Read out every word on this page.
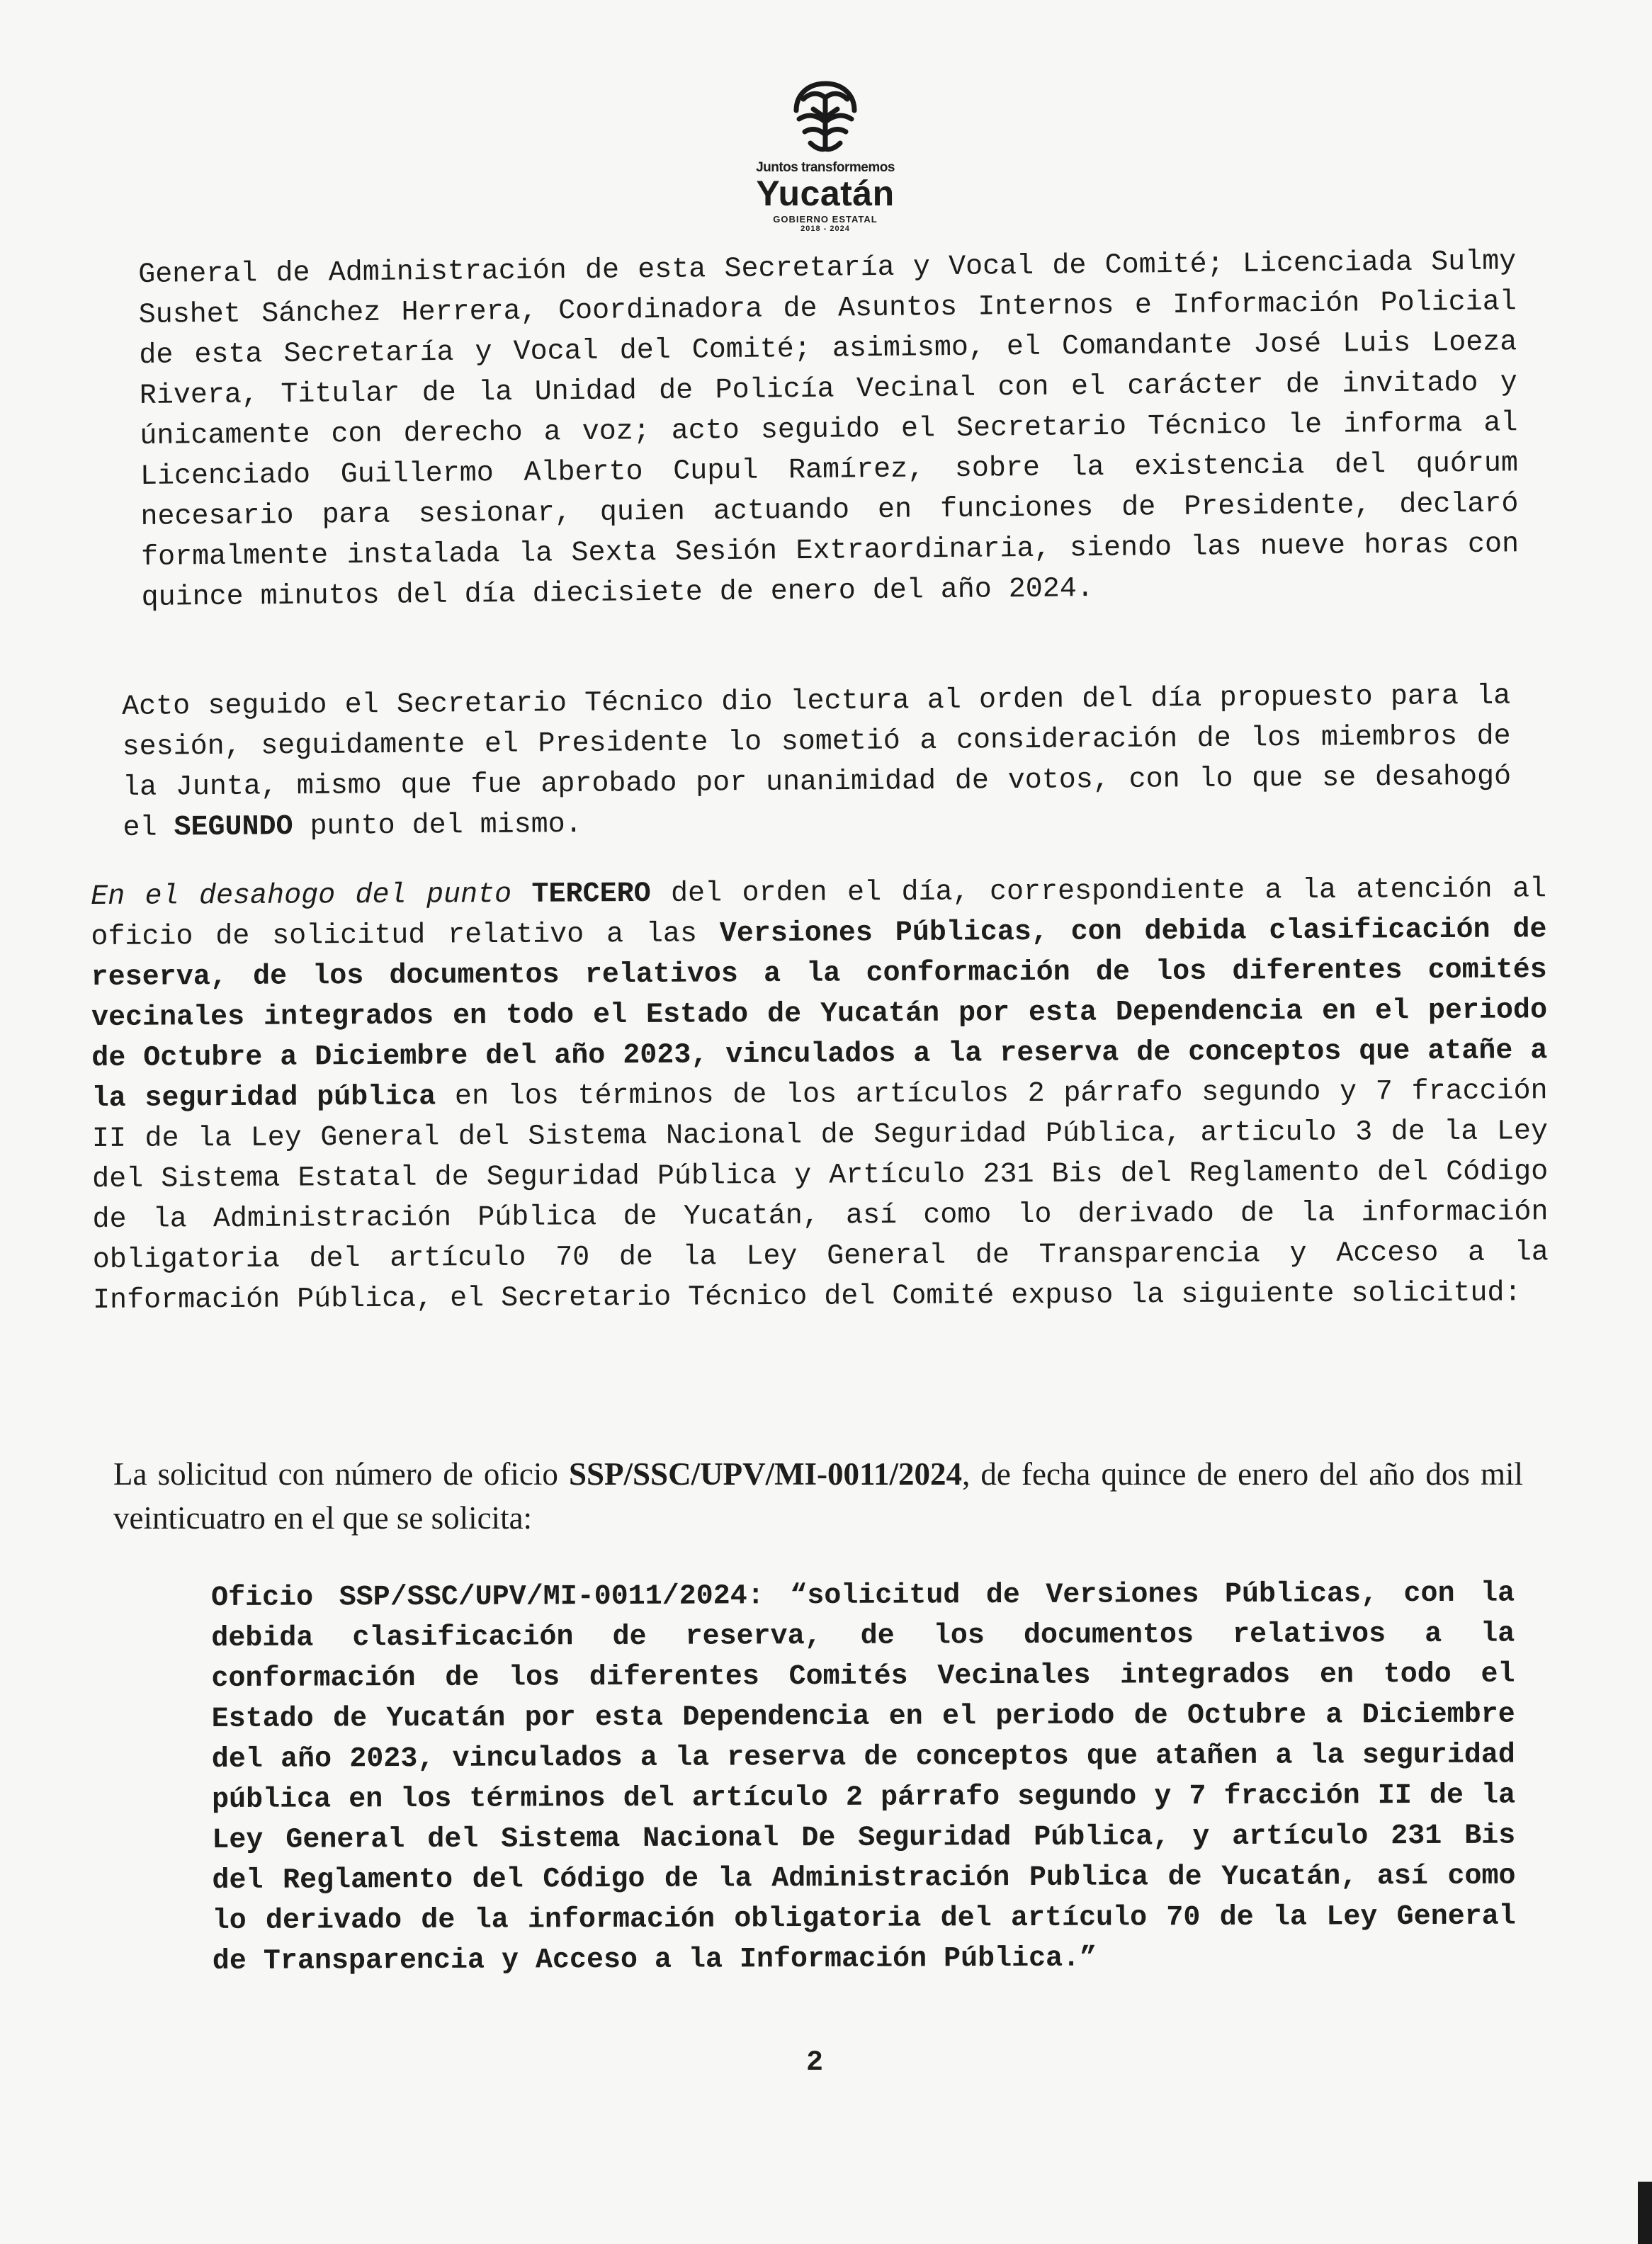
Juntos transformemos
Yucatán
GOBIERNO ESTATAL
2018 - 2024

General de Administración de esta Secretaría y Vocal de Comité; Licenciada Sulmy Sushet Sánchez Herrera, Coordinadora de Asuntos Internos e Información Policial de esta Secretaría y Vocal del Comité; asimismo, el Comandante José Luis Loeza Rivera, Titular de la Unidad de Policía Vecinal con el carácter de invitado y únicamente con derecho a voz; acto seguido el Secretario Técnico le informa al Licenciado Guillermo Alberto Cupul Ramírez, sobre la existencia del quórum necesario para sesionar, quien actuando en funciones de Presidente, declaró formalmente instalada la Sexta Sesión Extraordinaria, siendo las nueve horas con quince minutos del día diecisiete de enero del año 2024.

Acto seguido el Secretario Técnico dio lectura al orden del día propuesto para la sesión, seguidamente el Presidente lo sometió a consideración de los miembros de la Junta, mismo que fue aprobado por unanimidad de votos, con lo que se desahogó el SEGUNDO punto del mismo.

En el desahogo del punto TERCERO del orden el día, correspondiente a la atención al oficio de solicitud relativo a las Versiones Públicas, con debida clasificación de reserva, de los documentos relativos a la conformación de los diferentes comités vecinales integrados en todo el Estado de Yucatán por esta Dependencia en el periodo de Octubre a Diciembre del año 2023, vinculados a la reserva de conceptos que atañe a la seguridad pública en los términos de los artículos 2 párrafo segundo y 7 fracción II de la Ley General del Sistema Nacional de Seguridad Pública, articulo 3 de la Ley del Sistema Estatal de Seguridad Pública y Artículo 231 Bis del Reglamento del Código de la Administración Pública de Yucatán, así como lo derivado de la información obligatoria del artículo 70 de la Ley General de Transparencia y Acceso a la Información Pública, el Secretario Técnico del Comité expuso la siguiente solicitud:

La solicitud con número de oficio SSP/SSC/UPV/MI-0011/2024, de fecha quince de enero del año dos mil veinticuatro en el que se solicita:

Oficio SSP/SSC/UPV/MI-0011/2024: “solicitud de Versiones Públicas, con la debida clasificación de reserva, de los documentos relativos a la conformación de los diferentes Comités Vecinales integrados en todo el Estado de Yucatán por esta Dependencia en el periodo de Octubre a Diciembre del año 2023, vinculados a la reserva de conceptos que atañen a la seguridad pública en los términos del artículo 2 párrafo segundo y 7 fracción II de la Ley General del Sistema Nacional De Seguridad Pública, y artículo 231 Bis del Reglamento del Código de la Administración Publica de Yucatán, así como lo derivado de la información obligatoria del artículo 70 de la Ley General de Transparencia y Acceso a la Información Pública.”

2
